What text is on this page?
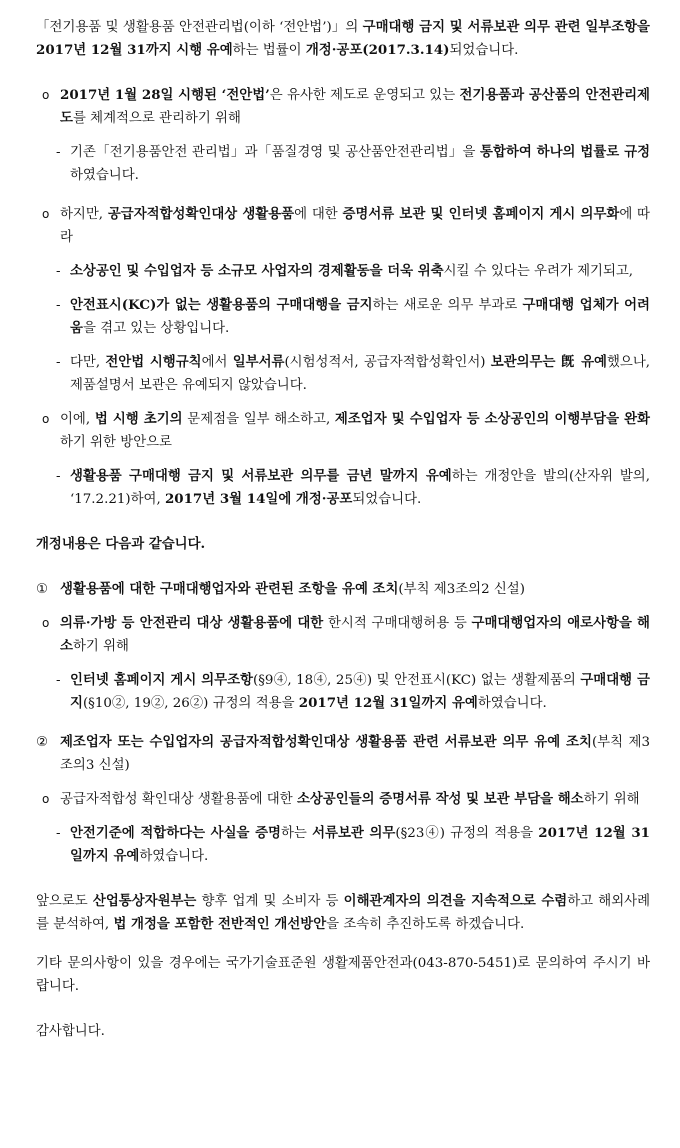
「전기용품 및 생활용품 안전관리법(이하 ‘전안법’)」의 구매대행 금지 및 서류보관 의무 관련 일부조항을 2017년 12월 31까지 시행 유예하는 법률이 개정·공포(2017.3.14)되었습니다.

o 2017년 1월 28일 시행된 ‘전안법’은 유사한 제도로 운영되고 있는 전기용품과 공산품의 안전관리제도를 체계적으로 관리하기 위해

- 기존「전기용품안전 관리법」과「품질경영 및 공산품안전관리법」을 통합하여 하나의 법률로 규정하였습니다.

o 하지만, 공급자적합성확인대상 생활용품에 대한 증명서류 보관 및 인터넷 홈페이지 게시 의무화에 따라

- 소상공인 및 수입업자 등 소규모 사업자의 경제활동을 더욱 위축시킬 수 있다는 우려가 제기되고,

- 안전표시(KC)가 없는 생활용품의 구매대행을 금지하는 새로운 의무 부과로 구매대행 업체가 어려움을 겪고 있는 상황입니다.

- 다만, 전안법 시행규칙에서 일부서류(시험성적서, 공급자적합성확인서) 보관의무는 旣 유예했으나, 제품설명서 보관은 유예되지 않았습니다.

o 이에, 법 시행 초기의 문제점을 일부 해소하고, 제조업자 및 수입업자 등 소상공인의 이행부담을 완화하기 위한 방안으로

- 생활용품 구매대행 금지 및 서류보관 의무를 금년 말까지 유예하는 개정안을 발의(산자위 발의, ‘17.2.21)하여, 2017년 3월 14일에 개정·공포되었습니다.

개정내용은 다음과 같습니다.

① 생활용품에 대한 구매대행업자와 관련된 조항을 유예 조치(부칙 제3조의2 신설)

o 의류·가방 등 안전관리 대상 생활용품에 대한 한시적 구매대행허용 등 구매대행업자의 애로사항을 해소하기 위해

- 인터넷 홈페이지 게시 의무조항(§9④, 18④, 25④) 및 안전표시(KC) 없는 생활제품의 구매대행 금지(§10②, 19②, 26②) 규정의 적용을 2017년 12월 31일까지 유예하였습니다.

② 제조업자 또는 수입업자의 공급자적합성확인대상 생활용품 관련 서류보관 의무 유예 조치(부칙 제3조의3 신설)

o 공급자적합성 확인대상 생활용품에 대한 소상공인들의 증명서류 작성 및 보관 부담을 해소하기 위해

- 안전기준에 적합하다는 사실을 증명하는 서류보관 의무(§23④) 규정의 적용을 2017년 12월 31일까지 유예하였습니다.

앞으로도 산업통상자원부는 향후 업계 및 소비자 등 이해관계자의 의견을 지속적으로 수렴하고 해외사례를 분석하여, 법 개정을 포함한 전반적인 개선방안을 조속히 추진하도록 하겠습니다.

기타 문의사항이 있을 경우에는 국가기술표준원 생활제품안전과(043-870-5451)로 문의하여 주시기 바랍니다.

감사합니다.
